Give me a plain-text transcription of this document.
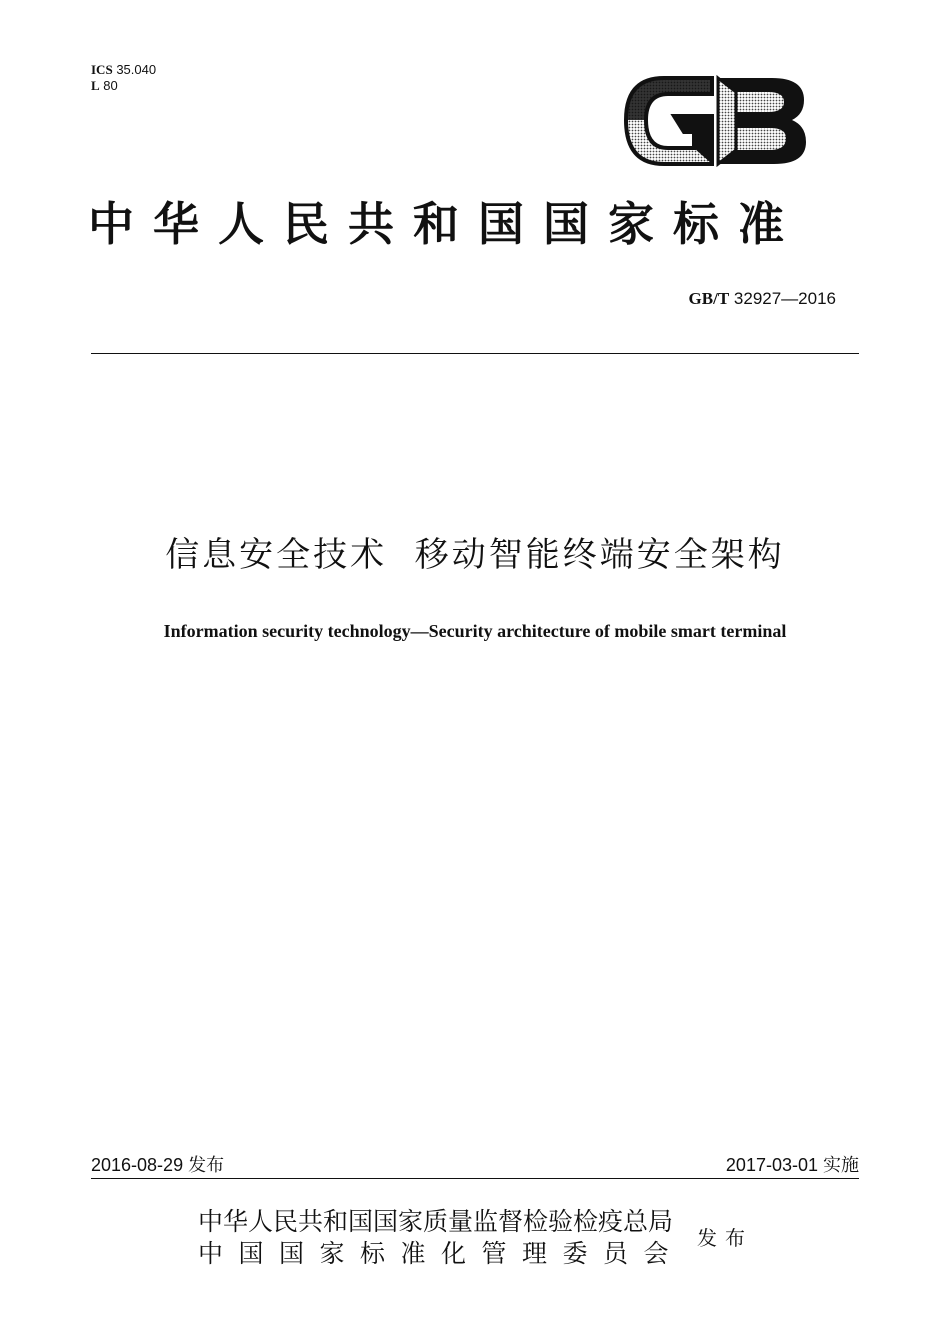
ICS 35.040
L 80
中华人民共和国国家标准
GB/T 32927—2016
信息安全技术  移动智能终端安全架构
Information security technology—Security architecture of mobile smart terminal
2016-08-29 发布	2017-03-01 实施
中华人民共和国国家质量监督检验检疫总局
中国国家标准化管理委员会
发布
